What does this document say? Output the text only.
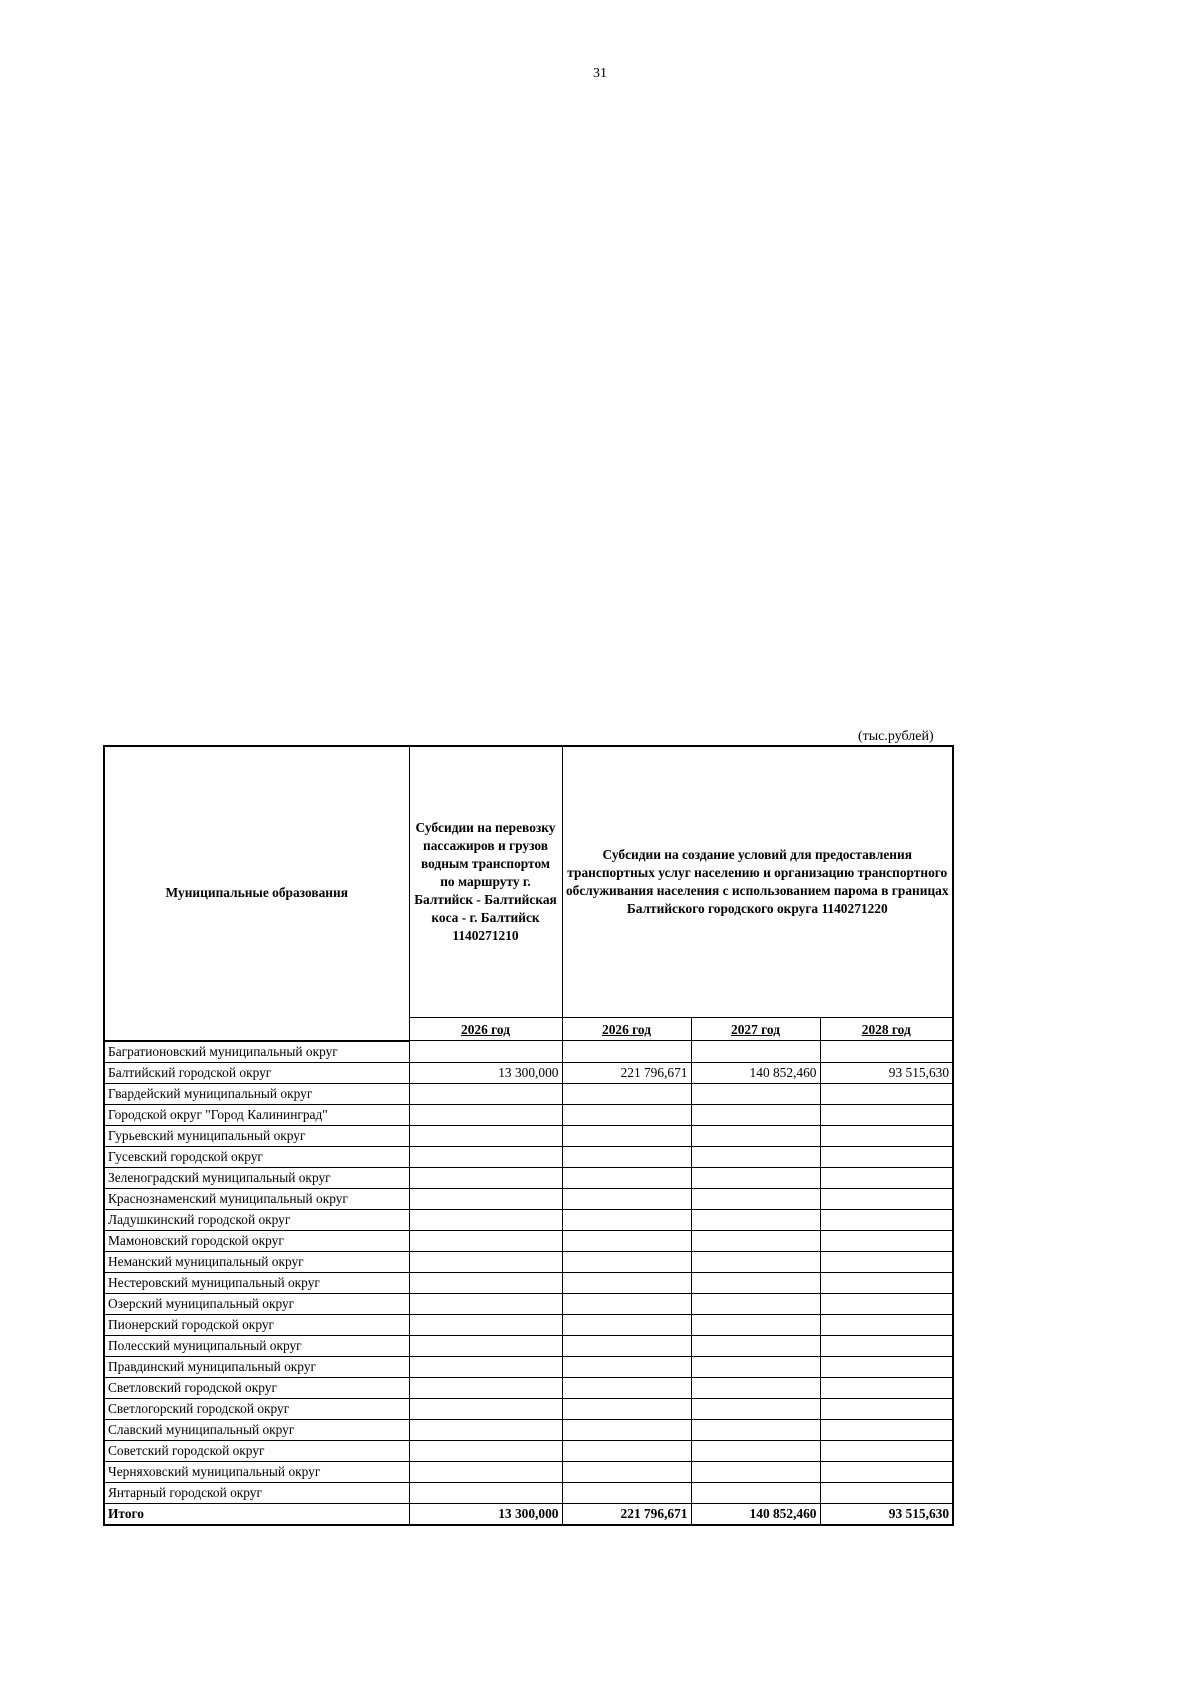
31
(тыс.рублей)
Муниципальные образования	Субсидии на перевозку пассажиров и грузов водным транспортом по маршруту г. Балтийск - Балтийская коса - г. Балтийск 1140271210	Субсидии на создание условий для предоставления транспортных услуг населению и организацию транспортного обслуживания населения с использованием парома в границах Балтийского городского округа 1140271220		
	2026 год	2026 год	2027 год	2028 год
Багратионовский муниципальный округ				
Балтийский городской округ	13 300,000	221 796,671	140 852,460	93 515,630
Гвардейский муниципальный округ				
Городской округ "Город Калининград"				
Гурьевский муниципальный округ				
Гусевский городской округ				
Зеленоградский муниципальный округ				
Краснознаменский муниципальный округ				
Ладушкинский городской округ				
Мамоновский городской округ				
Неманский муниципальный округ				
Нестеровский муниципальный округ				
Озерский муниципальный округ				
Пионерский городской округ				
Полесский муниципальный округ				
Правдинский муниципальный округ				
Светловский городской округ				
Светлогорский городской округ				
Славский муниципальный округ				
Советский городской округ				
Черняховский муниципальный округ				
Янтарный городской округ				
Итого	13 300,000	221 796,671	140 852,460	93 515,630
